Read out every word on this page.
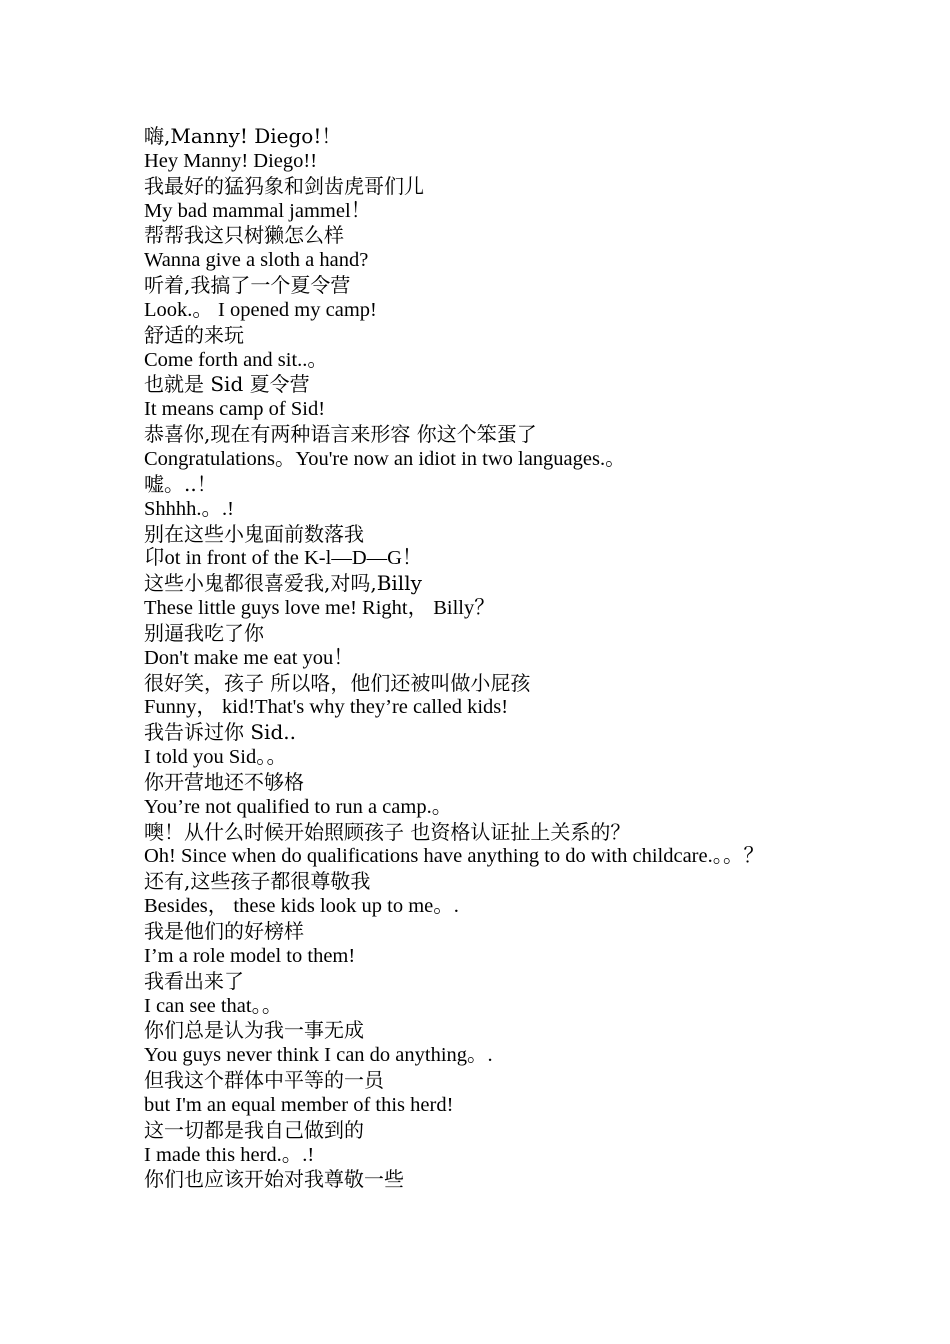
嗨,Manny! Diego!！
Hey Manny! Diego!!
我最好的猛犸象和剑齿虎哥们儿
My bad mammal jammel！
帮帮我这只树獭怎么样
Wanna give a sloth a hand?
听着,我搞了一个夏令营
Look.。 I opened my camp!
舒适的来玩
Come forth and sit..。
也就是 Sid 夏令营
It means camp of Sid!
恭喜你,现在有两种语言来形容 你这个笨蛋了
Congratulations。You're now an idiot in two languages.。
嘘。..！
Shhhh.。.!
别在这些小鬼面前数落我
卬ot in front of the K-l—D—G！
这些小鬼都很喜爱我,对吗,Billy
These little guys love me! Right， Billy？
别逼我吃了你
Don't make me eat you！
很好笑，孩子 所以咯，他们还被叫做小屁孩
Funny， kid!That's why they’re called kids!
我告诉过你 Sid..
I told you Sid。。
你开营地还不够格
You’re not qualified to run a camp.。
噢！从什么时候开始照顾孩子 也资格认证扯上关系的？
Oh! Since when do qualifications have anything to do with childcare.。。？
还有,这些孩子都很尊敬我
Besides， these kids look up to me。.
我是他们的好榜样
I’m a role model to them!
我看出来了
I can see that。。
你们总是认为我一事无成
You guys never think I can do anything。.
但我这个群体中平等的一员
but I'm an equal member of this herd!
这一切都是我自己做到的
I made this herd.。.!
你们也应该开始对我尊敬一些
